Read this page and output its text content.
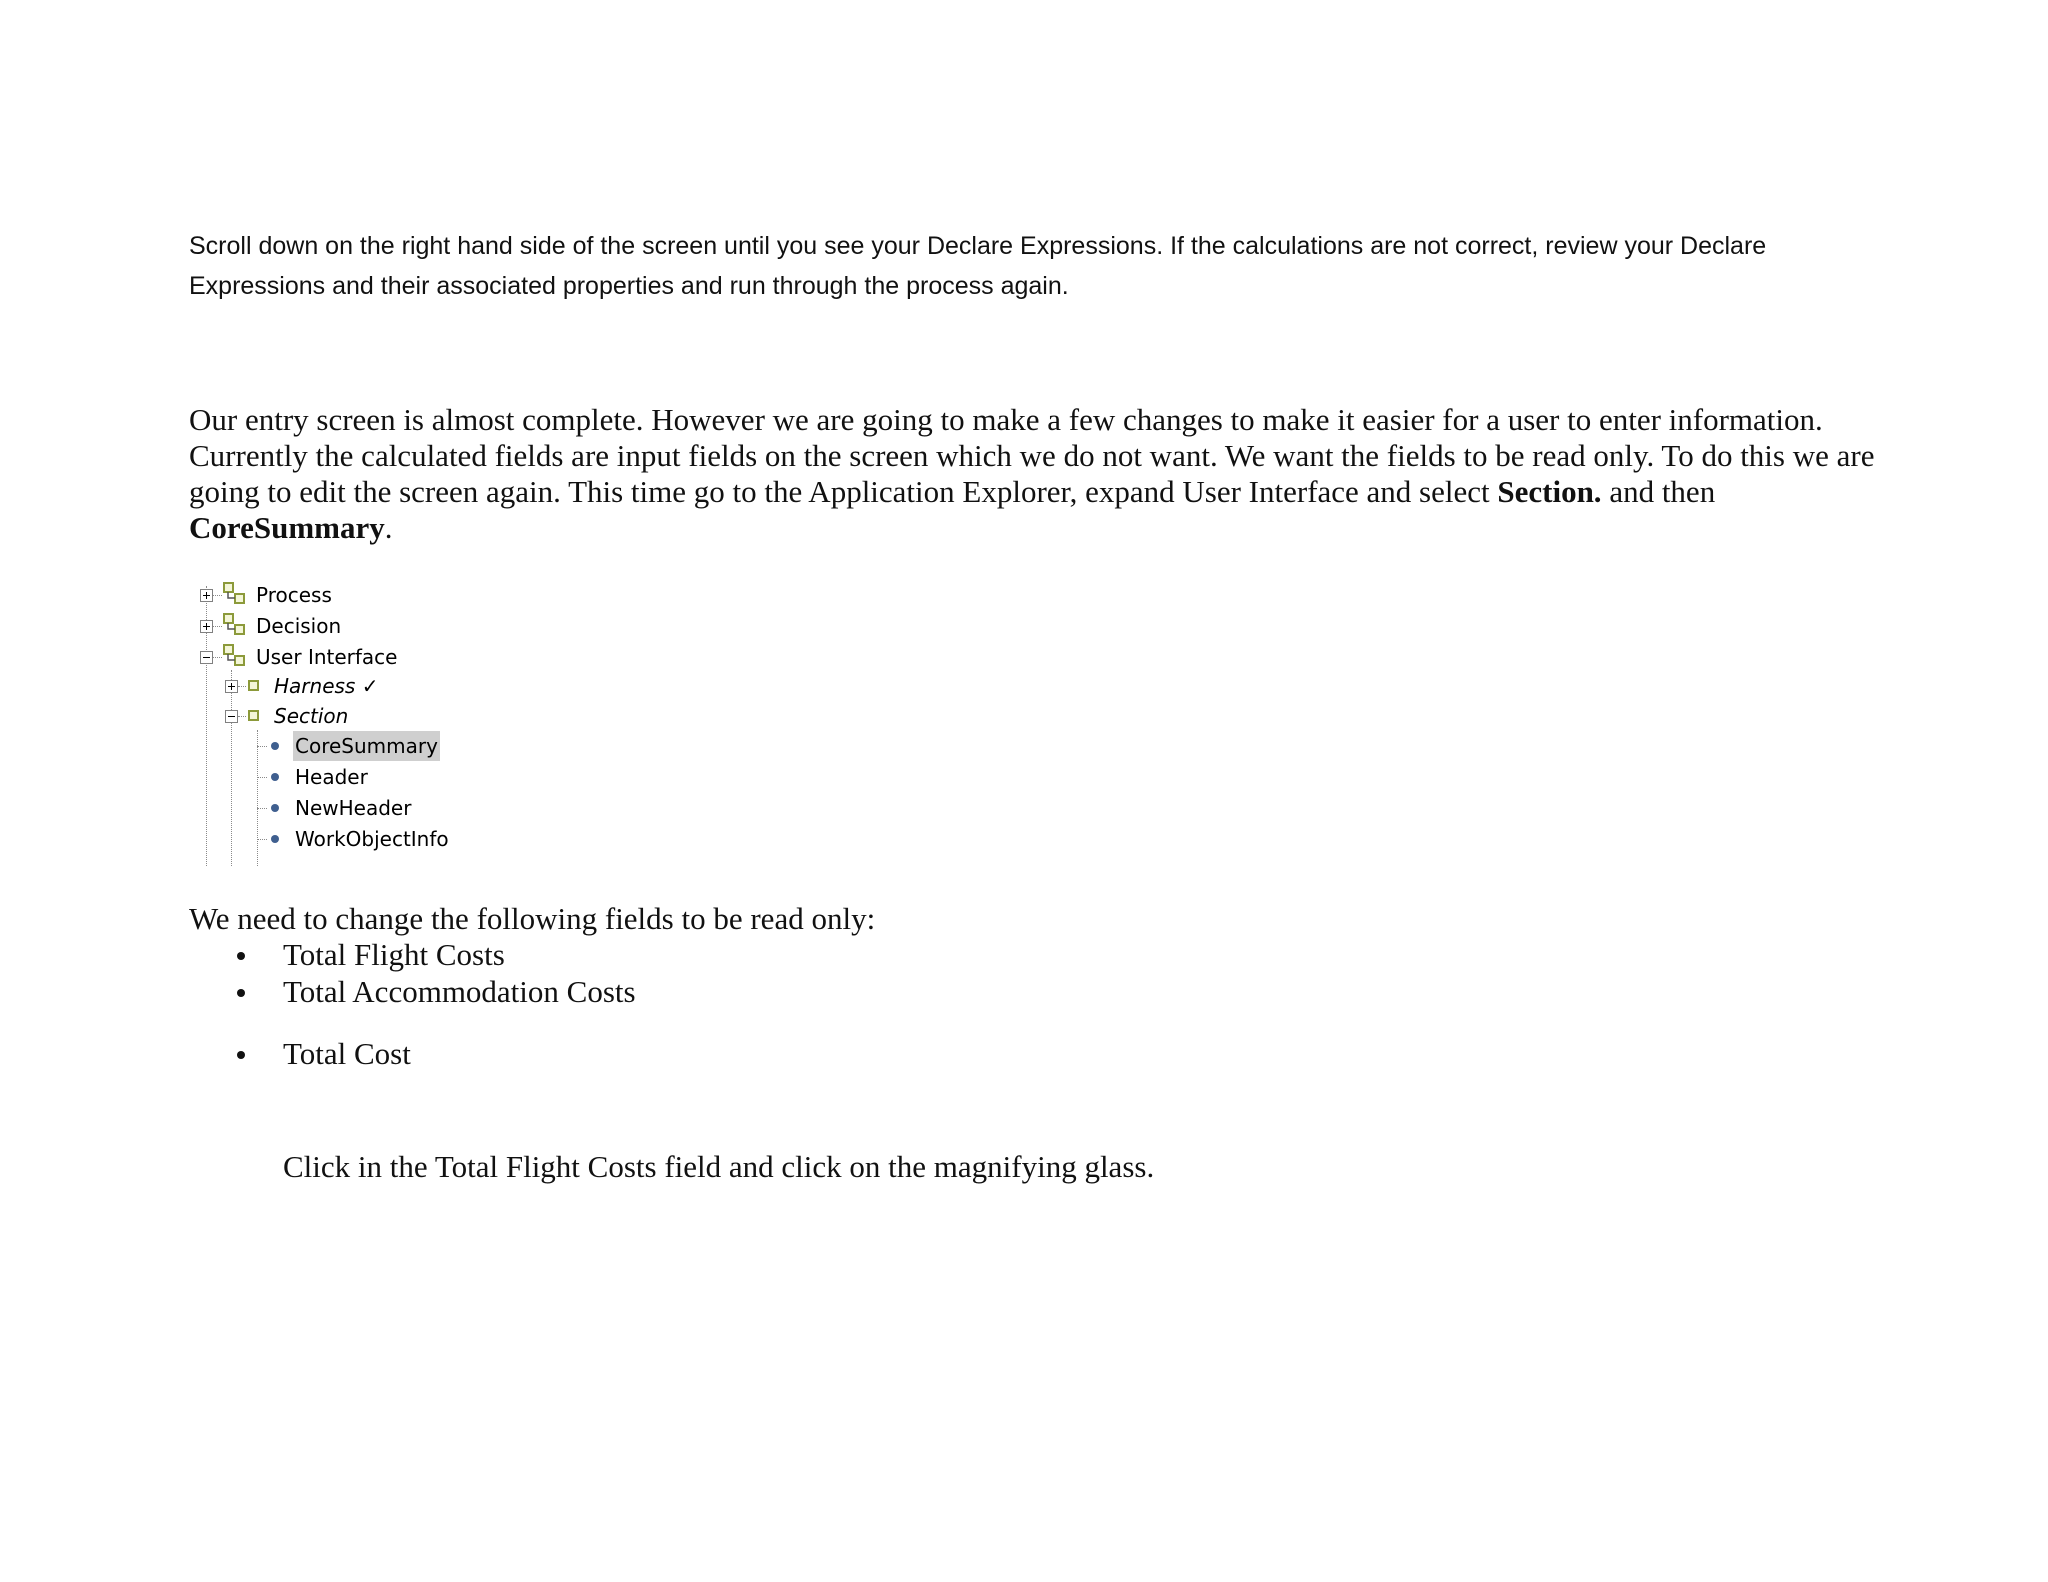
Scroll down on the right hand side of the screen until you see your Declare Expressions. If the calculations are not correct, review your Declare Expressions and their associated properties and run through the process again.

Our entry screen is almost complete. However we are going to make a few changes to make it easier for a user to enter information. Currently the calculated fields are input fields on the screen which we do not want. We want the fields to be read only. To do this we are going to edit the screen again. This time go to the Application Explorer, expand User Interface and select Section. and then CoreSummary.

Process
Decision
User Interface
Harness ✓
Section
CoreSummary
Header
NewHeader
WorkObjectInfo

We need to change the following fields to be read only:

Total Flight Costs
Total Accommodation Costs
Total Cost

Click in the Total Flight Costs field and click on the magnifying glass.
